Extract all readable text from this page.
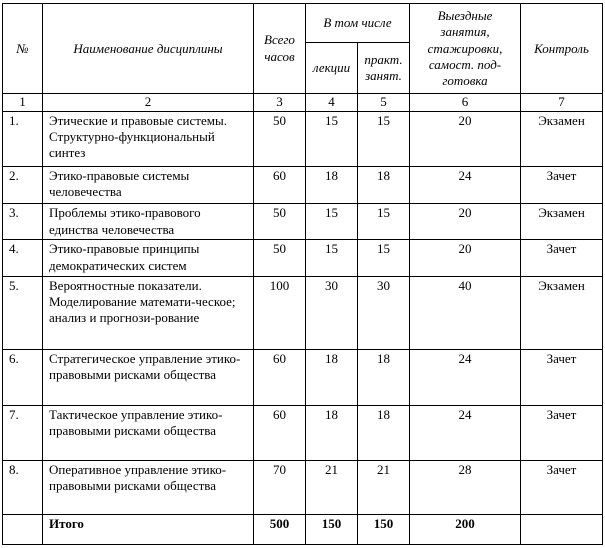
№	Наименование дисциплины	Всего часов	В том числе		Выездные занятия, стажировки, самост. под-готовка	Контроль
			лекции	практ. занят.		
1	2	3	4	5	6	7
1.	Этические и правовые системы. Структурно-функциональный синтез	50	15	15	20	Экзамен
2.	Этико-правовые системы человечества	60	18	18	24	Зачет
3.	Проблемы этико-правового единства человечества	50	15	15	20	Экзамен
4.	Этико-правовые принципы демократических систем	50	15	15	20	Зачет
5.	Вероятностные показатели. Моделирование математи-ческое; анализ и прогнози-рование	100	30	30	40	Экзамен
6.	Стратегическое управление этико-правовыми рисками общества	60	18	18	24	Зачет
7.	Тактическое управление этико-правовыми рисками общества	60	18	18	24	Зачет
8.	Оперативное управление этико-правовыми рисками общества	70	21	21	28	Зачет
	Итого	500	150	150	200	
